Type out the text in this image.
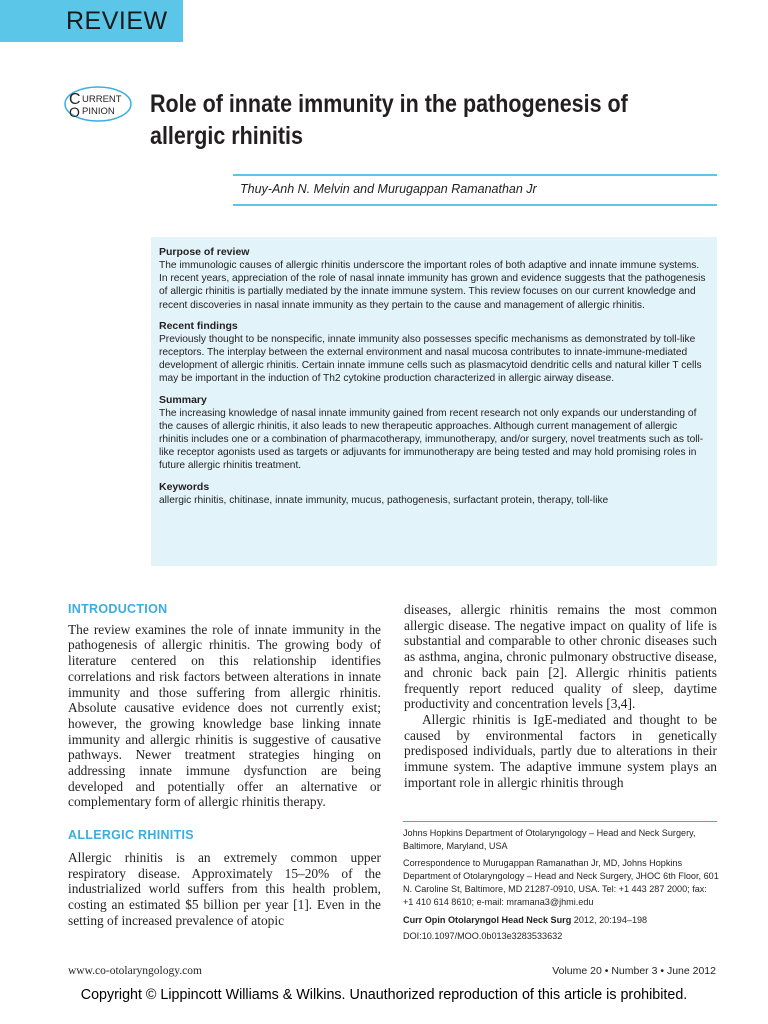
REVIEW
C URRENT
O PINION Role of innate immunity in the pathogenesis of
allergic rhinitis
Thuy-Anh N. Melvin and Murugappan Ramanathan Jr
Purpose of review

The immunologic causes of allergic rhinitis underscore the important roles of both adaptive and innate immune systems. In recent years, appreciation of the role of nasal innate immunity has grown and evidence suggests that the pathogenesis of allergic rhinitis is partially mediated by the innate immune system. This review focuses on our current knowledge and recent discoveries in nasal innate immunity as they pertain to the cause and management of allergic rhinitis.

Recent findings

Previously thought to be nonspecific, innate immunity also possesses specific mechanisms as demonstrated by toll-like receptors. The interplay between the external environment and nasal mucosa contributes to innate-immune-mediated development of allergic rhinitis. Certain innate immune cells such as plasmacytoid dendritic cells and natural killer T cells may be important in the induction of Th2 cytokine production characterized in allergic airway disease.

Summary

The increasing knowledge of nasal innate immunity gained from recent research not only expands our understanding of the causes of allergic rhinitis, it also leads to new therapeutic approaches. Although current management of allergic rhinitis includes one or a combination of pharmacotherapy, immunotherapy, and/or surgery, novel treatments such as toll-like receptor agonists used as targets or adjuvants for immunotherapy are being tested and may hold promising roles in future allergic rhinitis treatment.

Keywords

allergic rhinitis, chitinase, innate immunity, mucus, pathogenesis, surfactant protein, therapy, toll-like

INTRODUCTION

The review examines the role of innate immunity in the pathogenesis of allergic rhinitis. The growing body of literature centered on this relationship identifies correlations and risk factors between alterations in innate immunity and those suffering from allergic rhinitis. Absolute causative evidence does not currently exist; however, the growing knowledge base linking innate immunity and allergic rhinitis is suggestive of causative pathways. Newer treatment strategies hinging on addressing innate immune dysfunction are being developed and potentially offer an alternative or complementary form of allergic rhinitis therapy.

ALLERGIC RHINITIS

Allergic rhinitis is an extremely common upper respiratory disease. Approximately 15–20% of the industrialized world suffers from this health problem, costing an estimated $5 billion per year [1]. Even in the setting of increased prevalence of atopic

diseases, allergic rhinitis remains the most common allergic disease. The negative impact on quality of life is substantial and comparable to other chronic diseases such as asthma, angina, chronic pulmonary obstructive disease, and chronic back pain [2]. Allergic rhinitis patients frequently report reduced quality of sleep, daytime productivity and concentration levels [3,4].

Allergic rhinitis is IgE-mediated and thought to be caused by environmental factors in genetically predisposed individuals, partly due to alterations in their immune system. The adaptive immune system plays an important role in allergic rhinitis through

Johns Hopkins Department of Otolaryngology – Head and Neck Surgery, Baltimore, Maryland, USA
Correspondence to Murugappan Ramanathan Jr, MD, Johns Hopkins Department of Otolaryngology – Head and Neck Surgery, JHOC 6th Floor, 601 N. Caroline St, Baltimore, MD 21287-0910, USA. Tel: +1 443 287 2000; fax: +1 410 614 8610; e-mail: mramana3@jhmi.edu
Curr Opin Otolaryngol Head Neck Surg 2012, 20:194–198
DOI:10.1097/MOO.0b013e3283533632
www.co-otolaryngology.com	Volume 20 • Number 3 • June 2012
Copyright © Lippincott Williams & Wilkins. Unauthorized reproduction of this article is prohibited.
